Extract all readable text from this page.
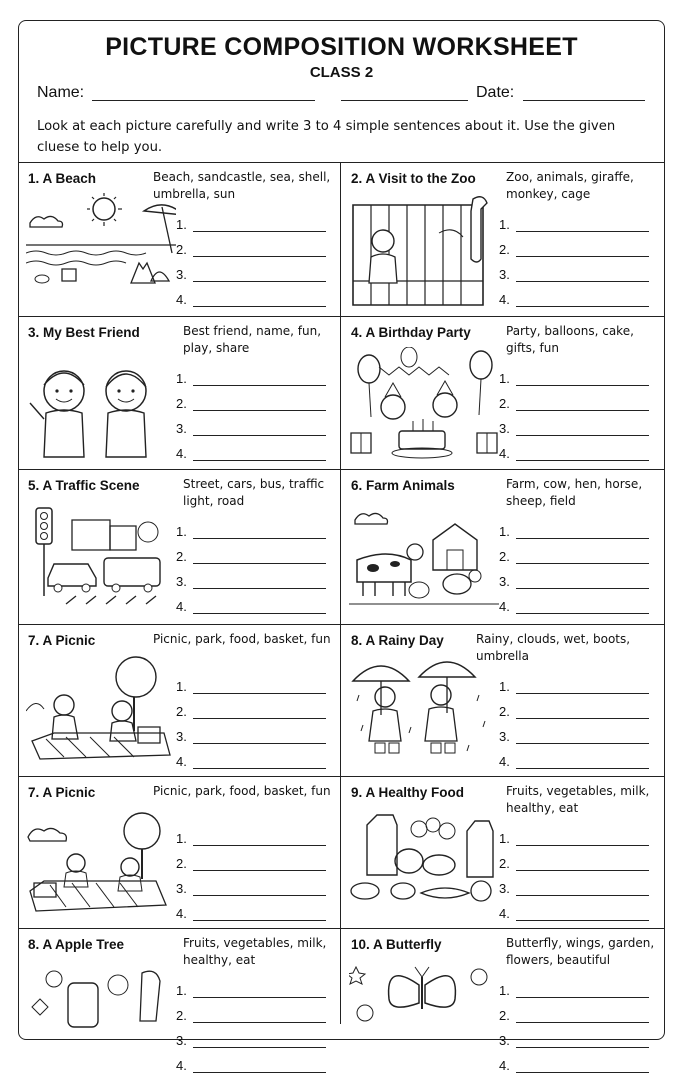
PICTURE COMPOSITION WORKSHEET
CLASS 2
Name:	Date:
Look at each picture carefully and write 3 to 4 simple sentences about it. Use the given cluese to help you.
1. A Beach	Beach, sandcastle, sea, shell, umbrella, sun
1.
2.
3.
4.
2. A Visit to the Zoo	Zoo, animals, giraffe, monkey, cage
1.
2.
3.
4.
3. My Best Friend	Best friend, name, fun, play, share
1.
2.
3.
4.
4. A Birthday Party	Party, balloons, cake, gifts, fun
1.
2.
3.
4.
5. A Traffic Scene	Street, cars, bus, traffic light, road
1.
2.
3.
4.
6. Farm Animals	Farm, cow, hen, horse, sheep, field
1.
2.
3.
4.
7. A Picnic	Picnic, park, food, basket, fun
1.
2.
3.
4.
8. A Rainy Day	Rainy, clouds, wet, boots, umbrella
1.
2.
3.
4.
7. A Picnic	Picnic, park, food, basket, fun
1.
2.
3.
4.
9. A Healthy Food	Fruits, vegetables, milk, healthy, eat
1.
2.
3.
4.
8. A Apple Tree	Fruits, vegetables, milk, healthy, eat
1.
2.
3.
4.
10. A Butterfly	Butterfly, wings, garden, flowers, beautiful
1.
2.
3.
4.
